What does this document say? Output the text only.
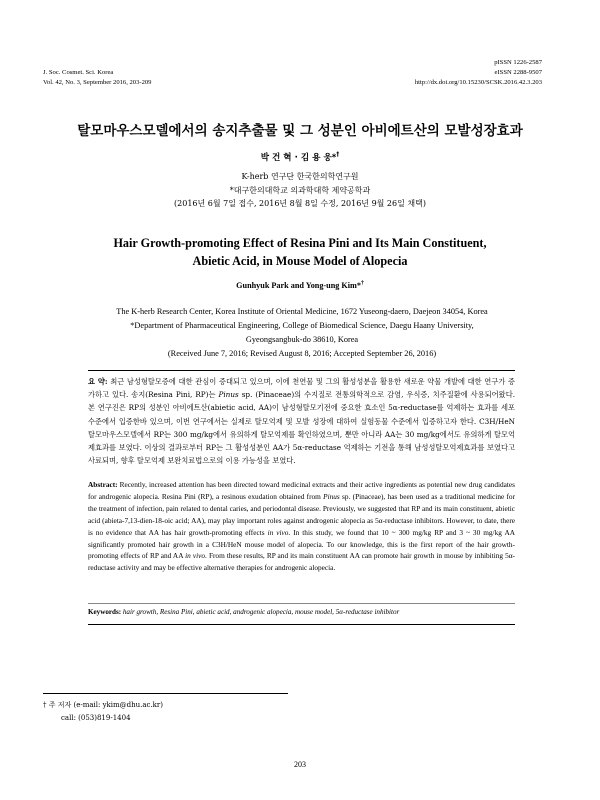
J. Soc. Cosmet. Sci. Korea
Vol. 42, No. 3, September 2016, 203-209
pISSN 1226-2587
eISSN 2288-9507
http://dx.doi.org/10.15230/SCSK.2016.42.3.203
탈모마우스모델에서의 송지추출물 및 그 성분인 아비에트산의 모발성장효과
박 건 혁 · 김 용 웅*†
K-herb 연구단 한국한의학연구원
*대구한의대학교 의과학대학 제약공학과
(2016년 6월 7일 접수, 2016년 8월 8일 수정, 2016년 9월 26일 채택)
Hair Growth-promoting Effect of Resina Pini and Its Main Constituent,
Abietic Acid, in Mouse Model of Alopecia
Gunhyuk Park and Yong-ung Kim*†
The K-herb Research Center, Korea Institute of Oriental Medicine, 1672 Yuseong-daero, Daejeon 34054, Korea
*Department of Pharmaceutical Engineering, College of Biomedical Science, Daegu Haany University,
Gyeongsangbuk-do 38610, Korea
(Received June 7, 2016; Revised August 8, 2016; Accepted September 26, 2016)
요 약: 최근 남성형탈모증에 대한 관심이 증대되고 있으며, 이에 천연물 및 그의 활성성분을 활용한 새로운 약물 개발에 대한 연구가 증가하고 있다. 송지(Resina Pini, RP)는 Pinus sp. (Pinaceae)의 수지질로 전통의학적으로 감염, 우식증, 치주질환에 사용되어왔다. 본 연구진은 RP의 성분인 아비에트산(abietic acid, AA)이 남성형탈모기전에 중요한 효소인 5α-reductase를 억제하는 효과를 세포 수준에서 입증한바 있으며, 이번 연구에서는 실제로 탈모억제 및 모발 성장에 대하여 실험동물 수준에서 입증하고자 한다. C3H/HeN 탈모마우스모델에서 RP는 300 mg/kg에서 유의하게 탈모억제를 확인하였으며, 뿐만 아니라 AA는 30 mg/kg에서도 유의하게 탈모억제효과를 보였다. 이상의 결과로부터 RP는 그 활성성분인 AA가 5α-reductase 억제하는 기전을 통해 남성성탈모억제효과를 보였다고 사료되며, 향후 탈모억제 보완치료법으로의 이용 가능성을 보였다.
Abstract: Recently, increased attention has been directed toward medicinal extracts and their active ingredients as potential new drug candidates for androgenic alopecia. Resina Pini (RP), a resinous exudation obtained from Pinus sp. (Pinaceae), has been used as a traditional medicine for the treatment of infection, pain related to dental caries, and periodontal disease. Previously, we suggested that RP and its main constituent, abietic acid (abieta-7,13-dien-18-oic acid; AA), may play important roles against androgenic alopecia as 5α-reductase inhibitors. However, to date, there is no evidence that AA has hair growth-promoting effects in vivo. In this study, we found that 10 ~ 300 mg/kg RP and 3 ~ 30 mg/kg AA significantly promoted hair growth in a C3H/HeN mouse model of alopecia. To our knowledge, this is the first report of the hair growth-promoting effects of RP and AA in vivo. From these results, RP and its main constituent AA can promote hair growth in mouse by inhibiting 5α-reductase activity and may be effective alternative therapies for androgenic alopecia.
Keywords: hair growth, Resina Pini, abietic acid, androgenic alopecia, mouse model, 5α-reductase inhibitor
† 주 저자 (e-mail: ykim@dhu.ac.kr)
call: (053)819-1404
203
